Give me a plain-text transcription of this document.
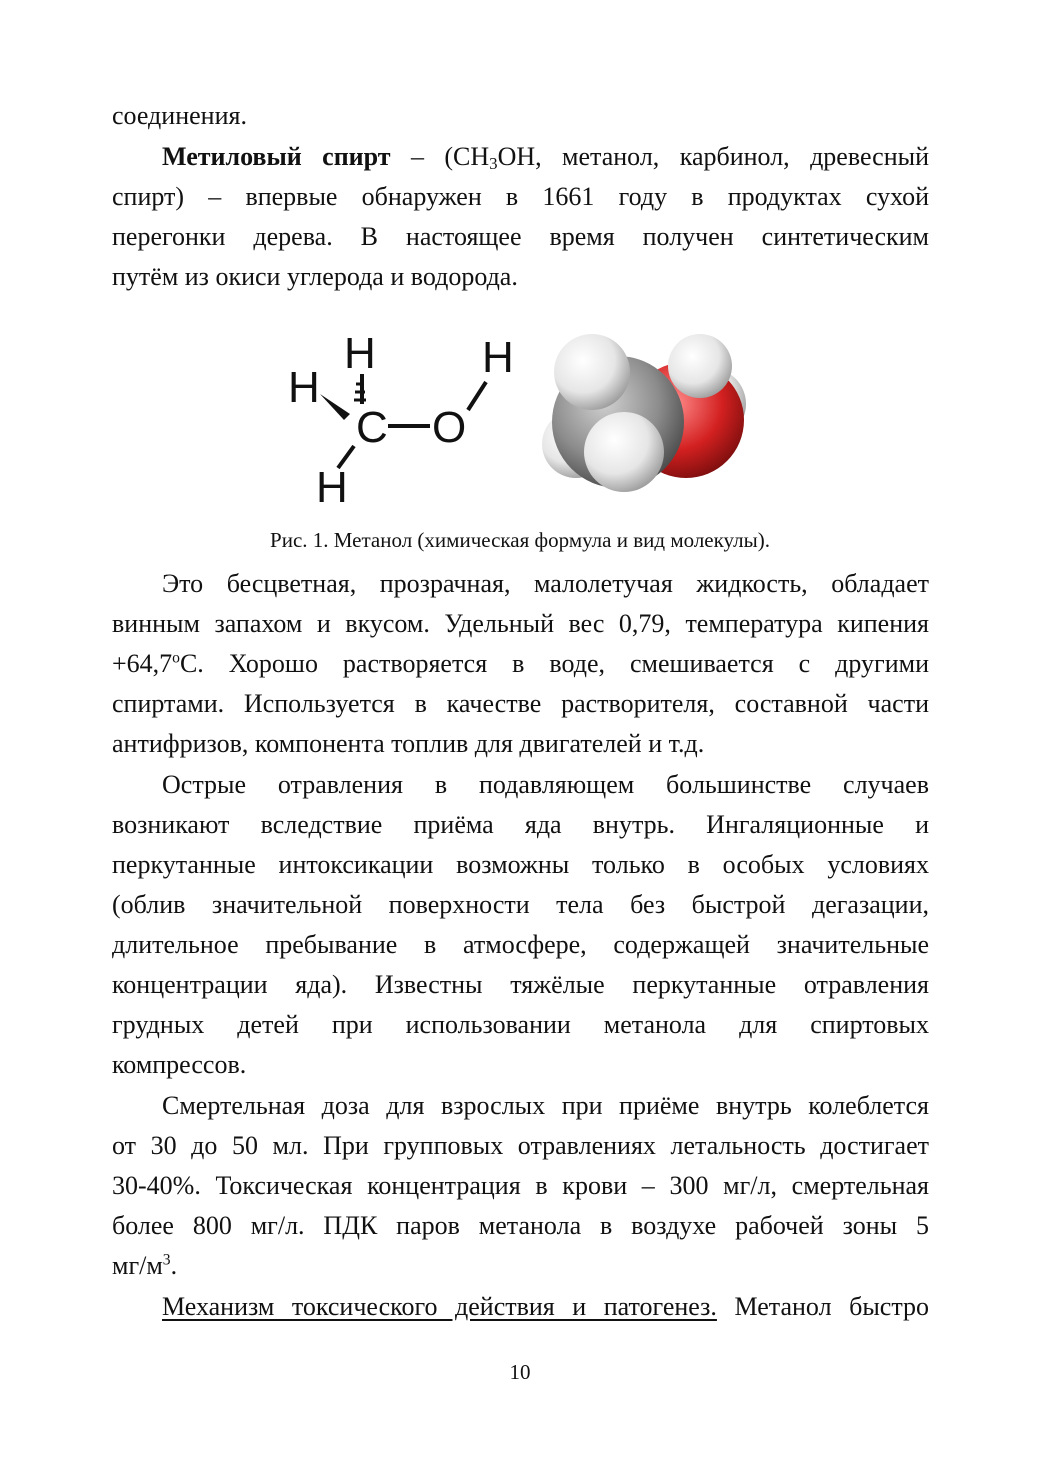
соединения.
Метиловый спирт – ($CH_3OH$, метанол, карбинол, древесный
спирт) – впервые обнаружен в 1661 году в продуктах сухой
перегонки дерева. В настоящее время получен синтетическим
путём из окиси углерода и водорода.
Это бесцветная, прозрачная, малолетучая жидкость, обладает
винным запахом и вкусом. Удельный вес 0,79, температура кипения
$+64,7^oС$. Хорошо растворяется в воде, смешивается с другими
спиртами. Используется в качестве растворителя, составной части
антифризов, компонента топлив для двигателей и т.д.
Острые отравления в подавляющем большинстве случаев
возникают вследствие приёма яда внутрь. Ингаляционные и
перкутанные интоксикации возможны только в особых условиях
(облив значительной поверхности тела без быстрой дегазации,
длительное пребывание в атмосфере, содержащей значительные
концентрации яда). Известны тяжёлые перкутанные отравления
грудных детей при использовании метанола для спиртовых
компрессов.
Смертельная доза для взрослых при приёме внутрь колеблется
от 30 до 50 мл. При групповых отравлениях летальность достигает
30-40%. Токсическая концентрация в крови – 300 мг/л, смертельная
более 800 мг/л. ПДК паров метанола в воздухе рабочей зоны 5
$мг/м^3$.
Механизм токсического действия и патогенез. Метанол быстро
H
H
C O
H
H
Рис. 1. Метанол (химическая формула и вид молекулы).
10
